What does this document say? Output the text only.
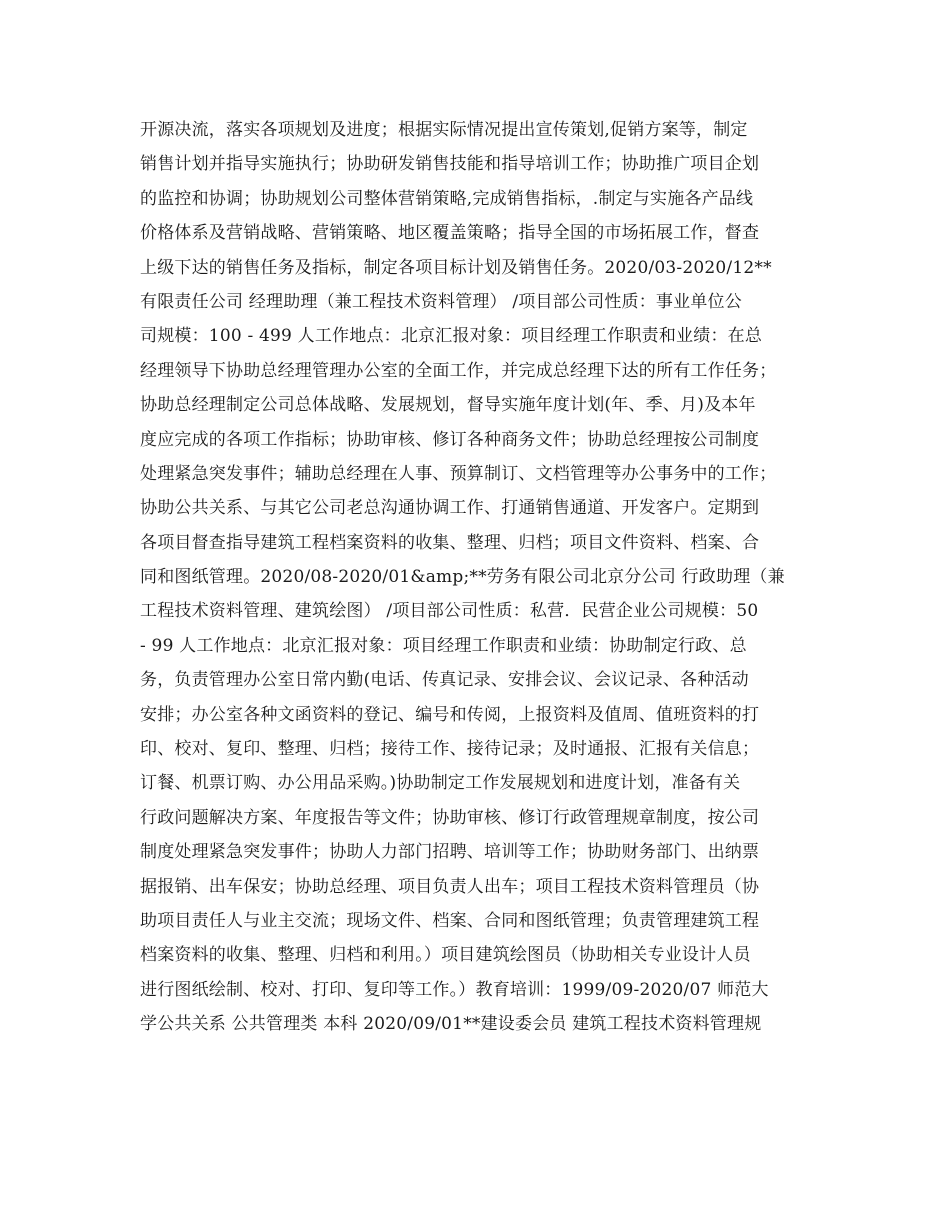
开源决流，落实各项规划及进度；根据实际情况提出宣传策划,促销方案等，制定
销售计划并指导实施执行；协助研发销售技能和指导培训工作；协助推广项目企划
的监控和协调；协助规划公司整体营销策略,完成销售指标，.制定与实施各产品线
价格体系及营销战略、营销策略、地区覆盖策略；指导全国的市场拓展工作，督查
上级下达的销售任务及指标，制定各项目标计划及销售任务。2020/03-2020/12**
有限责任公司 经理助理（兼工程技术资料管理） /项目部公司性质：事业单位公
司规模：100 - 499 人工作地点：北京汇报对象：项目经理工作职责和业绩：在总
经理领导下协助总经理管理办公室的全面工作，并完成总经理下达的所有工作任务；
协助总经理制定公司总体战略、发展规划，督导实施年度计划(年、季、月)及本年
度应完成的各项工作指标；协助审核、修订各种商务文件；协助总经理按公司制度
处理紧急突发事件；辅助总经理在人事、预算制订、文档管理等办公事务中的工作；
协助公共关系、与其它公司老总沟通协调工作、打通销售通道、开发客户。定期到
各项目督查指导建筑工程档案资料的收集、整理、归档；项目文件资料、档案、合
同和图纸管理。2020/08-2020/01&amp;**劳务有限公司北京分公司 行政助理（兼
工程技术资料管理、建筑绘图） /项目部公司性质：私营．民营企业公司规模：50
- 99 人工作地点：北京汇报对象：项目经理工作职责和业绩：协助制定行政、总
务，负责管理办公室日常内勤(电话、传真记录、安排会议、会议记录、各种活动
安排；办公室各种文函资料的登记、编号和传阅，上报资料及值周、值班资料的打
印、校对、复印、整理、归档；接待工作、接待记录；及时通报、汇报有关信息；
订餐、机票订购、办公用品采购。)协助制定工作发展规划和进度计划，准备有关
行政问题解决方案、年度报告等文件；协助审核、修订行政管理规章制度，按公司
制度处理紧急突发事件；协助人力部门招聘、培训等工作；协助财务部门、出纳票
据报销、出车保安；协助总经理、项目负责人出车；项目工程技术资料管理员（协
助项目责任人与业主交流；现场文件、档案、合同和图纸管理；负责管理建筑工程
档案资料的收集、整理、归档和利用。）项目建筑绘图员（协助相关专业设计人员
进行图纸绘制、校对、打印、复印等工作。）教育培训：1999/09-2020/07 师范大
学公共关系 公共管理类 本科 2020/09/01**建设委会员 建筑工程技术资料管理规
